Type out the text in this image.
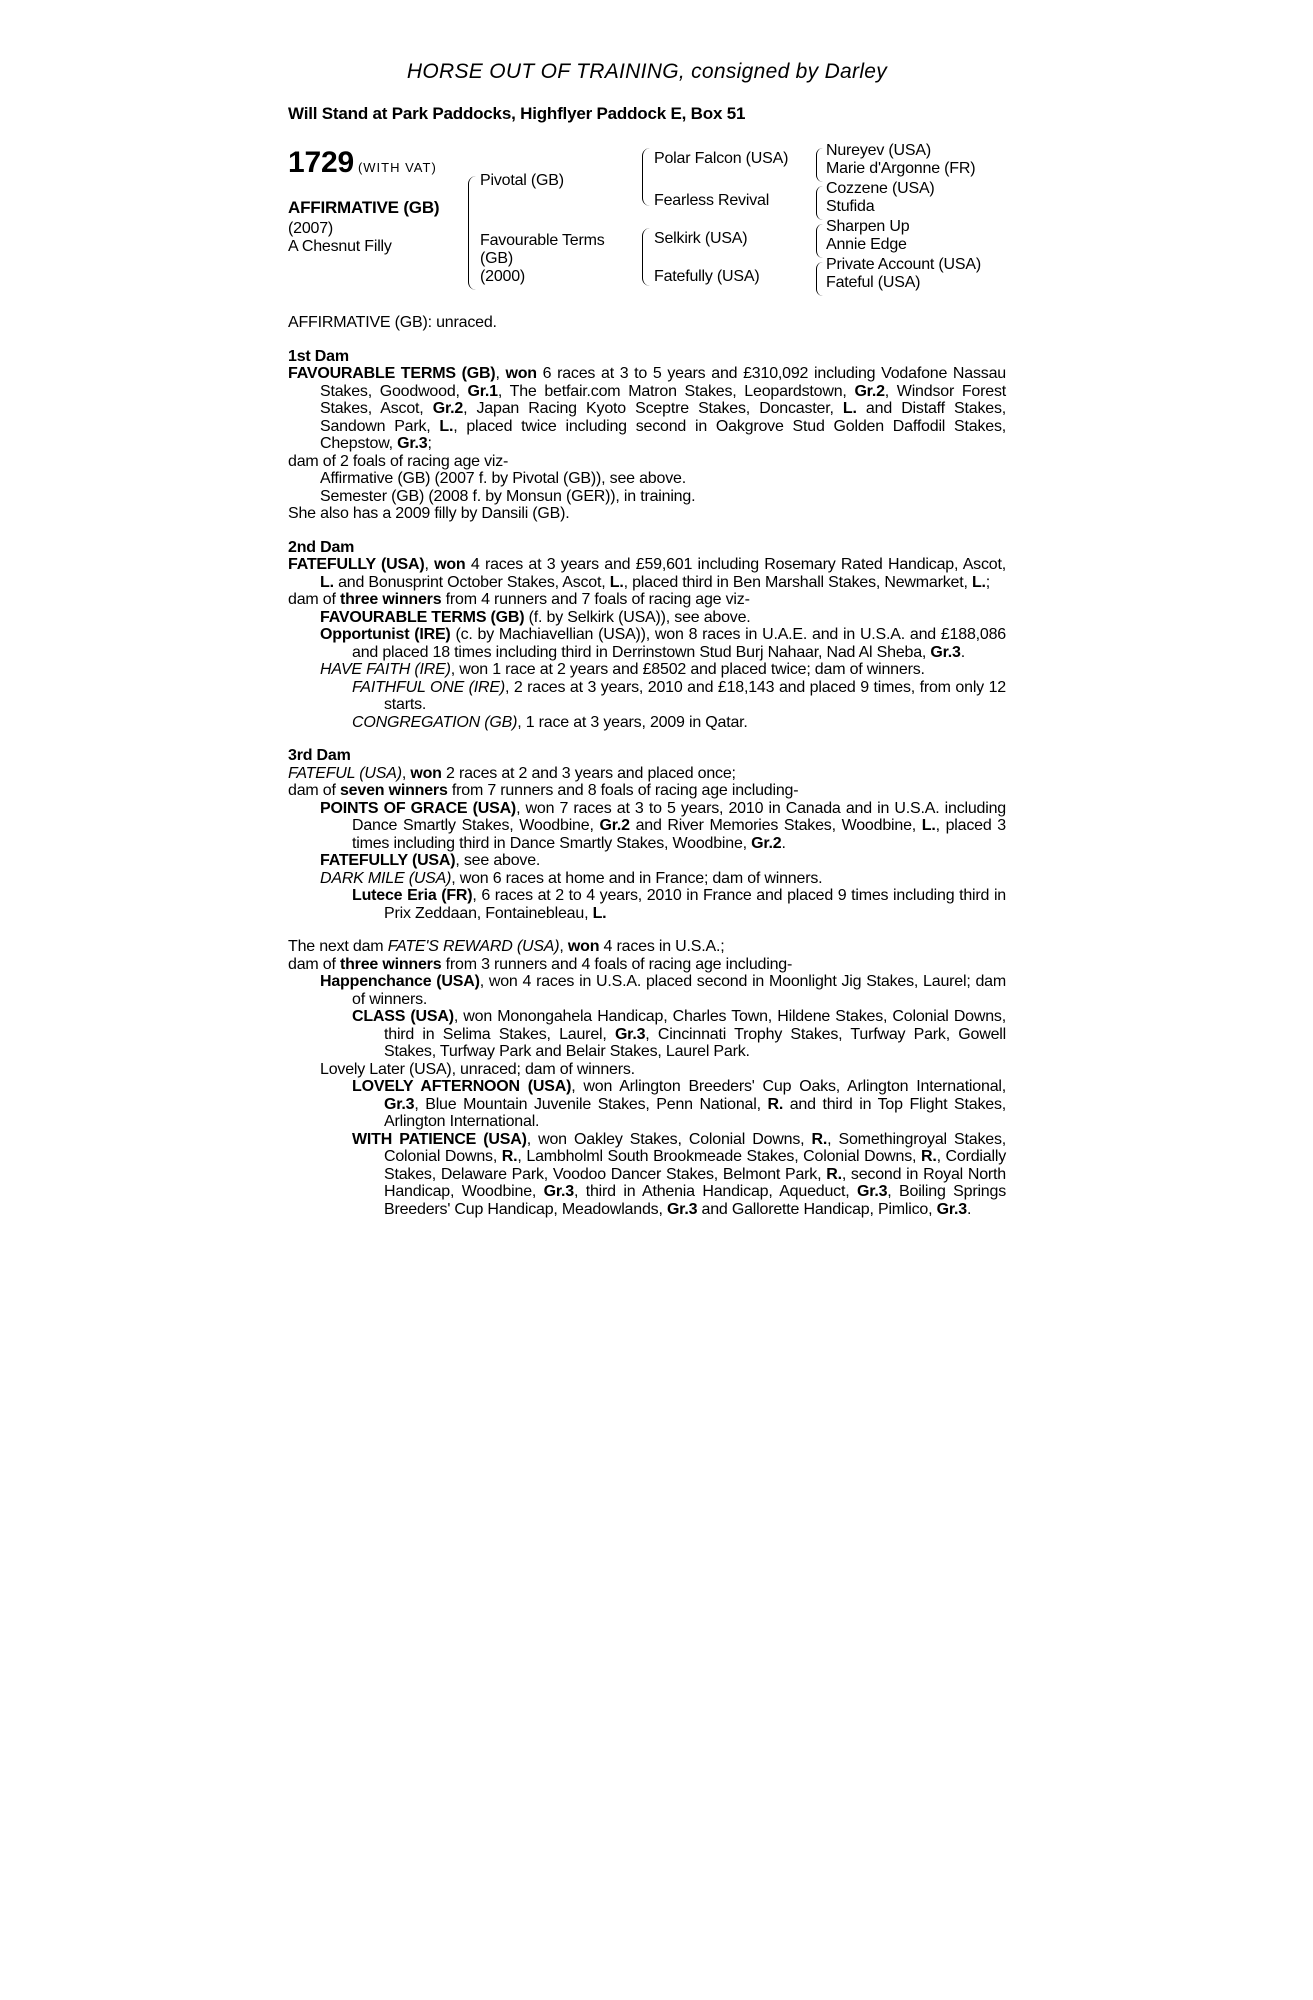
HORSE OUT OF TRAINING, consigned by Darley
Will Stand at Park Paddocks, Highflyer Paddock E, Box 51
1729 (WITH VAT)
AFFIRMATIVE (GB)
(2007)
A Chesnut Filly
Pivotal (GB)
Favourable Terms
(GB)
(2000)
Polar Falcon (USA)
Fearless Revival
Selkirk (USA)
Fatefully (USA)
Nureyev (USA)
Marie d'Argonne (FR)
Cozzene (USA)
Stufida
Sharpen Up
Annie Edge
Private Account (USA)
Fateful (USA)
AFFIRMATIVE (GB): unraced.
1st Dam
FAVOURABLE TERMS (GB), won 6 races at 3 to 5 years and £310,092 including Vodafone Nassau Stakes, Goodwood, Gr.1, The betfair.com Matron Stakes, Leopardstown, Gr.2, Windsor Forest Stakes, Ascot, Gr.2, Japan Racing Kyoto Sceptre Stakes, Doncaster, L. and Distaff Stakes, Sandown Park, L., placed twice including second in Oakgrove Stud Golden Daffodil Stakes, Chepstow, Gr.3;
dam of 2 foals of racing age viz-
Affirmative (GB) (2007 f. by Pivotal (GB)), see above.
Semester (GB) (2008 f. by Monsun (GER)), in training.
She also has a 2009 filly by Dansili (GB).
2nd Dam
FATEFULLY (USA), won 4 races at 3 years and £59,601 including Rosemary Rated Handicap, Ascot, L. and Bonusprint October Stakes, Ascot, L., placed third in Ben Marshall Stakes, Newmarket, L.;
dam of three winners from 4 runners and 7 foals of racing age viz-
FAVOURABLE TERMS (GB) (f. by Selkirk (USA)), see above.
Opportunist (IRE) (c. by Machiavellian (USA)), won 8 races in U.A.E. and in U.S.A. and £188,086 and placed 18 times including third in Derrinstown Stud Burj Nahaar, Nad Al Sheba, Gr.3.
HAVE FAITH (IRE), won 1 race at 2 years and £8502 and placed twice; dam of winners.
FAITHFUL ONE (IRE), 2 races at 3 years, 2010 and £18,143 and placed 9 times, from only 12 starts.
CONGREGATION (GB), 1 race at 3 years, 2009 in Qatar.
3rd Dam
FATEFUL (USA), won 2 races at 2 and 3 years and placed once;
dam of seven winners from 7 runners and 8 foals of racing age including-
POINTS OF GRACE (USA), won 7 races at 3 to 5 years, 2010 in Canada and in U.S.A. including Dance Smartly Stakes, Woodbine, Gr.2 and River Memories Stakes, Woodbine, L., placed 3 times including third in Dance Smartly Stakes, Woodbine, Gr.2.
FATEFULLY (USA), see above.
DARK MILE (USA), won 6 races at home and in France; dam of winners.
Lutece Eria (FR), 6 races at 2 to 4 years, 2010 in France and placed 9 times including third in Prix Zeddaan, Fontainebleau, L.
The next dam FATE'S REWARD (USA), won 4 races in U.S.A.;
dam of three winners from 3 runners and 4 foals of racing age including-
Happenchance (USA), won 4 races in U.S.A. placed second in Moonlight Jig Stakes, Laurel; dam of winners.
CLASS (USA), won Monongahela Handicap, Charles Town, Hildene Stakes, Colonial Downs, third in Selima Stakes, Laurel, Gr.3, Cincinnati Trophy Stakes, Turfway Park, Gowell Stakes, Turfway Park and Belair Stakes, Laurel Park.
Lovely Later (USA), unraced; dam of winners.
LOVELY AFTERNOON (USA), won Arlington Breeders' Cup Oaks, Arlington International, Gr.3, Blue Mountain Juvenile Stakes, Penn National, R. and third in Top Flight Stakes, Arlington International.
WITH PATIENCE (USA), won Oakley Stakes, Colonial Downs, R., Somethingroyal Stakes, Colonial Downs, R., Lambholml South Brookmeade Stakes, Colonial Downs, R., Cordially Stakes, Delaware Park, Voodoo Dancer Stakes, Belmont Park, R., second in Royal North Handicap, Woodbine, Gr.3, third in Athenia Handicap, Aqueduct, Gr.3, Boiling Springs Breeders' Cup Handicap, Meadowlands, Gr.3 and Gallorette Handicap, Pimlico, Gr.3.
